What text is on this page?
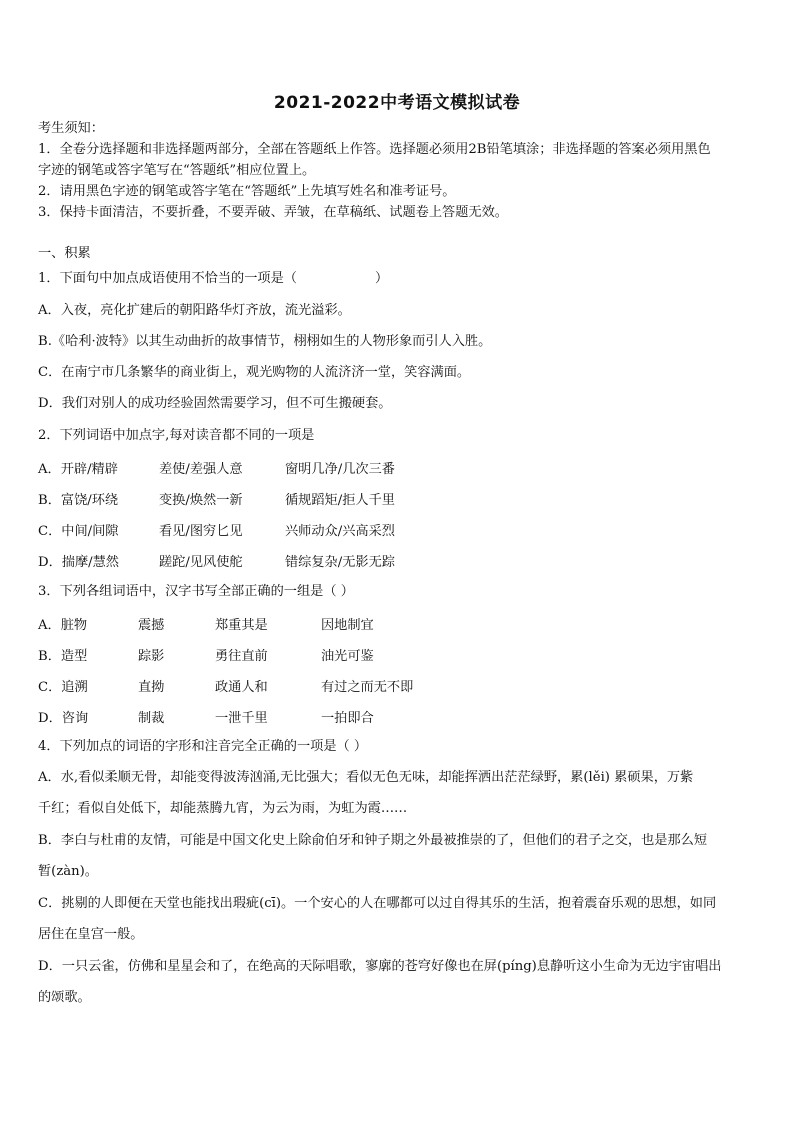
2021-2022中考语文模拟试卷
考生须知：
1．全卷分选择题和非选择题两部分，全部在答题纸上作答。选择题必须用2B铅笔填涂；非选择题的答案必须用黑色
字迹的钢笔或答字笔写在“答题纸”相应位置上。
2．请用黑色字迹的钢笔或答字笔在“答题纸”上先填写姓名和准考证号。
3．保持卡面清洁，不要折叠，不要弄破、弄皱，在草稿纸、试题卷上答题无效。
一、积累
1．下面句中加点成语使用不恰当的一项是（	）
A．入夜，亮化扩建后的朝阳路华灯齐放，流光溢彩。
B.《哈利·波特》以其生动曲折的故事情节，栩栩如生的人物形象而引人入胜。
C．在南宁市几条繁华的商业街上，观光购物的人流济济一堂，笑容满面。
D．我们对别人的成功经验固然需要学习，但不可生搬硬套。
2．下列词语中加点字,每对读音都不同的一项是
A．开辟/精辟	差使/差强人意	窗明几净/几次三番
B．富饶/环绕	变换/焕然一新	循规蹈矩/拒人千里
C．中间/间隙	看见/图穷匕见	兴师动众/兴高采烈
D．揣摩/慧然	蹉跎/见风使舵	错综复杂/无影无踪
3．下列各组词语中，汉字书写全部正确的一组是（ ）
A．脏物	震撼	郑重其是	因地制宜
B．造型	踪影	勇往直前	油光可鉴
C．追溯	直拗	政通人和	有过之而无不即
D．咨询	制裁	一泄千里	一拍即合
4．下列加点的词语的字形和注音完全正确的一项是（ ）
A．水,看似柔顺无骨，却能变得波涛汹涌,无比强大；看似无色无味，却能挥洒出茫茫绿野，累(lěi) 累硕果，万紫
千红；看似自处低下，却能蒸腾九宵，为云为雨，为虹为霞……
B．李白与杜甫的友情，可能是中国文化史上除俞伯牙和钟子期之外最被推崇的了，但他们的君子之交，也是那么短
暂(zàn)。
C．挑剔的人即便在天堂也能找出瑕疵(cī)。一个安心的人在哪都可以过自得其乐的生活，抱着震奋乐观的思想，如同
居住在皇宫一般。
D．一只云雀，仿佛和星星会和了，在绝高的天际唱歌，寥廓的苍穹好像也在屏(píng)息静听这小生命为无边宇宙唱出
的颂歌。
